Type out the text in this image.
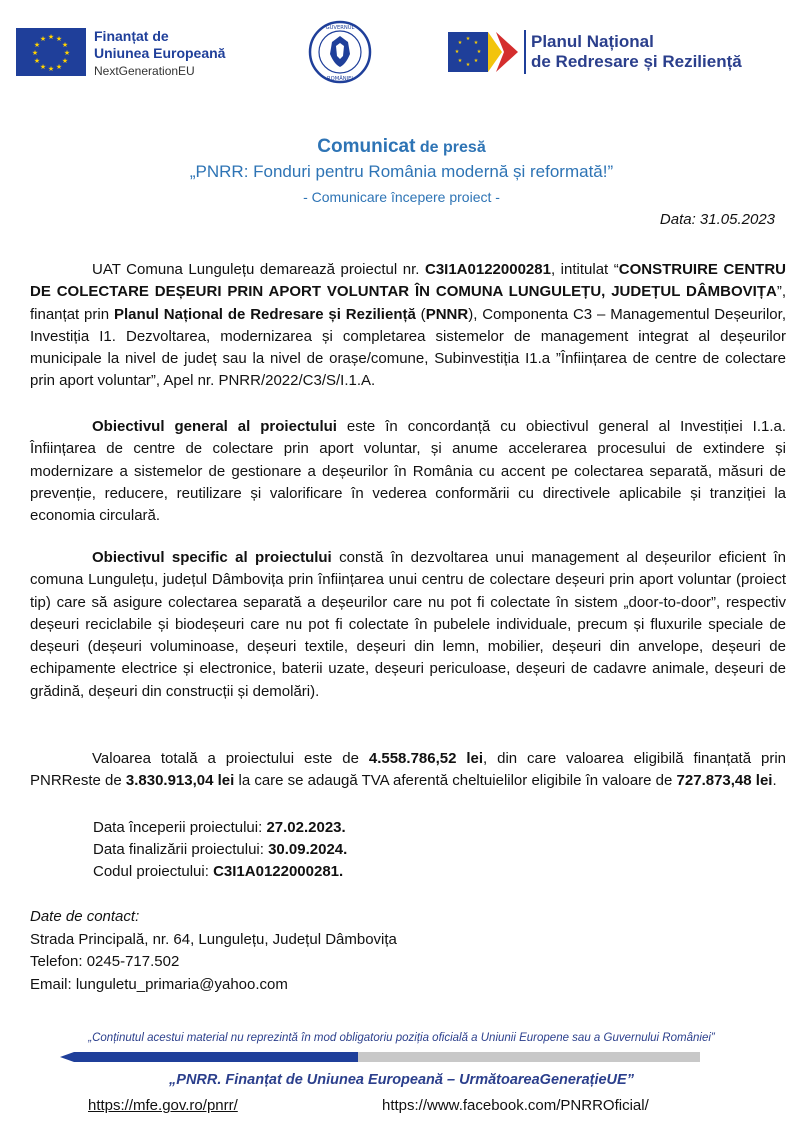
★ ★
★
★
★
★
★
★
★
★
★
★	Finanțat de
Uniunea Europeană
NextGenerationEU
GUVERNUL
ROMÂNIEI
★
★
★
★
★
★
★
★	Planul Național
de Redresare și Reziliență
Comunicat de presă
„PNRR: Fonduri pentru România modernă și reformată!”
- Comunicare începere proiect -
Data: 31.05.2023
UAT Comuna Lungulețu demarează proiectul nr. C3I1A0122000281, intitulat “CONSTRUIRE CENTRU DE COLECTARE DEȘEURI PRIN APORT VOLUNTAR ÎN COMUNA LUNGULEȚU, JUDEȚUL DÂMBOVIȚA”, finanțat prin Planul Național de Redresare și Reziliență (PNNR), Componenta C3 – Managementul Deșeurilor, Investiția I1. Dezvoltarea, modernizarea și completarea sistemelor de management integrat al deșeurilor municipale la nivel de județ sau la nivel de orașe/comune, Subinvestiția I1.a ”Înființarea de centre de colectare prin aport voluntar”, Apel nr. PNRR/2022/C3/S/I.1.A.
Obiectivul general al proiectului este în concordanță cu obiectivul general al Investiției I.1.a. Înființarea de centre de colectare prin aport voluntar, și anume accelerarea procesului de extindere și modernizare a sistemelor de gestionare a deșeurilor în România cu accent pe colectarea separată, măsuri de prevenție, reducere, reutilizare și valorificare în vederea conformării cu directivele aplicabile și tranziției la economia circulară.
Obiectivul specific al proiectului constă în dezvoltarea unui management al deșeurilor eficient în comuna Lungulețu, județul Dâmbovița prin înființarea unui centru de colectare deșeuri prin aport voluntar (proiect tip) care să asigure colectarea separată a deșeurilor care nu pot fi colectate în sistem „door-to-door”, respectiv deșeuri reciclabile și biodeșeuri care nu pot fi colectate în pubelele individuale, precum și fluxurile speciale de deșeuri (deșeuri voluminoase, deșeuri textile, deșeuri din lemn, mobilier, deșeuri din anvelope, deșeuri de echipamente electrice și electronice, baterii uzate, deșeuri periculoase, deșeuri de cadavre animale, deșeuri de grădină, deșeuri din construcții și demolări).
Valoarea totală a proiectului este de 4.558.786,52 lei, din care valoarea eligibilă finanțată prin PNRReste de 3.830.913,04 lei la care se adaugă TVA aferentă cheltuielilor eligibile în valoare de 727.873,48 lei.
Data începerii proiectului: 27.02.2023.
Data finalizării proiectului: 30.09.2024.
Codul proiectului: C3I1A0122000281.
Date de contact:
Strada Principală, nr. 64, Lungulețu, Județul Dâmbovița
Telefon: 0245-717.502
Email: lunguletu_primaria@yahoo.com
„Conținutul acestui material nu reprezintă în mod obligatoriu poziția oficială a Uniunii Europene sau a Guvernului României”
„PNRR. Finanțat de Uniunea Europeană – UrmătoareaGenerațieUE”
https://mfe.gov.ro/pnrr/	https://www.facebook.com/PNRROficial/
